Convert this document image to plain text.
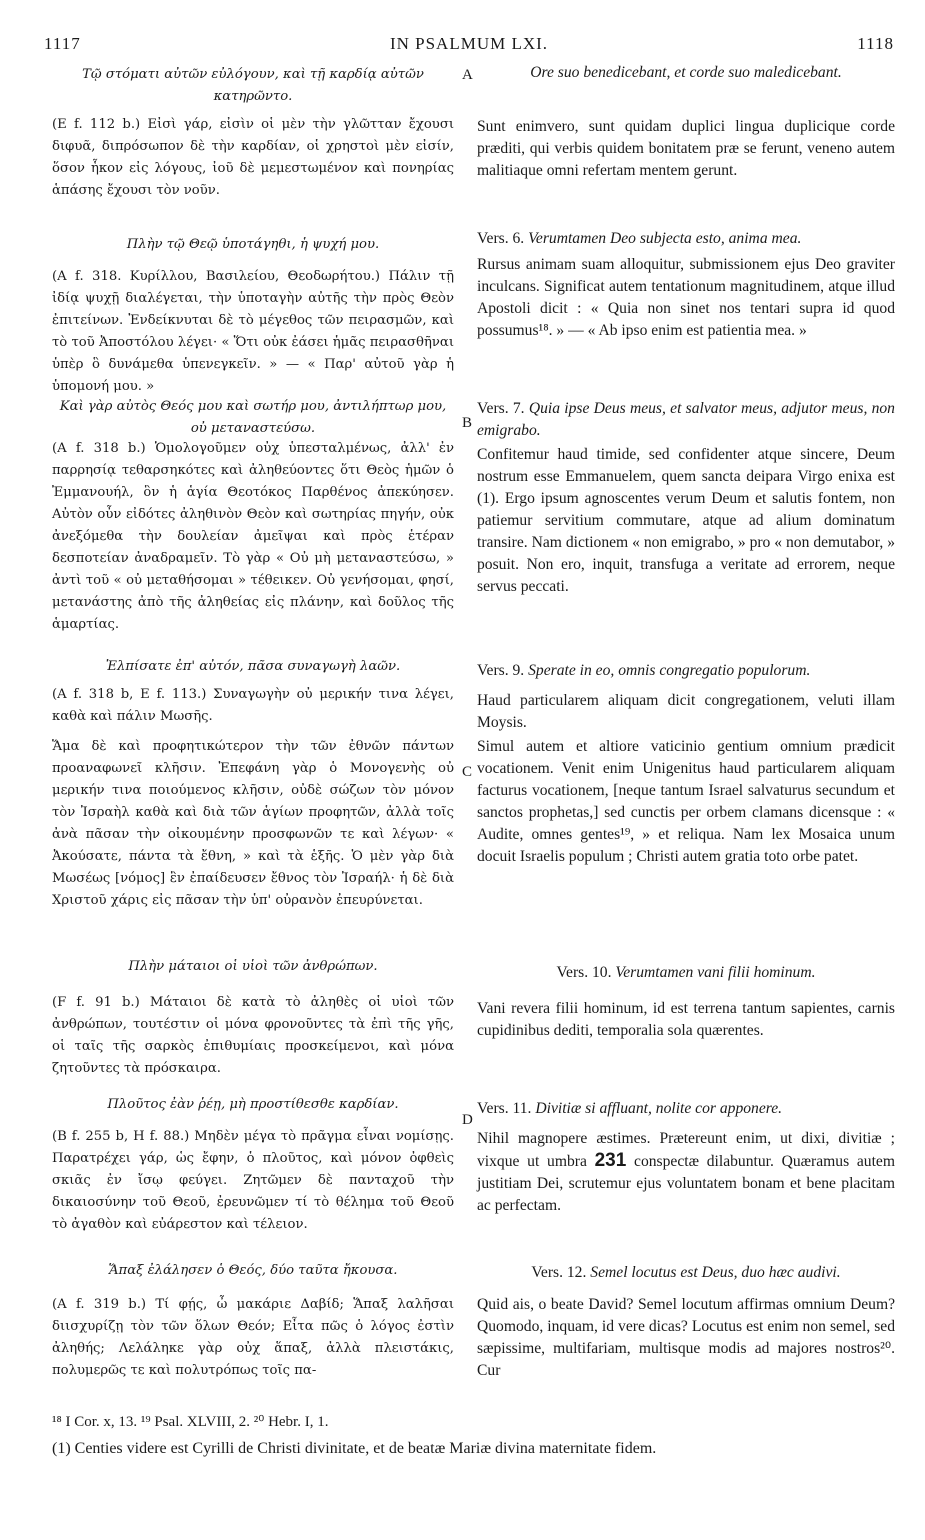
1117	IN PSALMUM LXI.	1118

Τῷ στόματι αὐτῶν εὐλόγουν, καὶ τῇ καρδίᾳ αὐτῶν κατηρῶντο.

(E f. 112 b.) Εἰσὶ γάρ, εἰσὶν οἱ μὲν τὴν γλῶτταν ἔχουσι διφυᾶ, διπρόσωπον δὲ τὴν καρδίαν, οἱ χρηστοὶ μὲν εἰσίν, ὅσον ἧκον εἰς λόγους, ἰοῦ δὲ μεμεστωμένον καὶ πονηρίας ἁπάσης ἔχουσι τὸν νοῦν.

Πλὴν τῷ Θεῷ ὑποτάγηθι, ἡ ψυχή μου.

(A f. 318. Κυρίλλου, Βασιλείου, Θεοδωρήτου.) Πάλιν τῇ ἰδίᾳ ψυχῇ διαλέγεται, τὴν ὑποταγὴν αὐτῆς τὴν πρὸς Θεὸν ἐπιτείνων. Ἐνδείκνυται δὲ τὸ μέγεθος τῶν πειρασμῶν, καὶ τὸ τοῦ Ἀποστόλου λέγει· « Ὅτι οὐκ ἐάσει ἡμᾶς πειρασθῆναι ὑπὲρ ὃ δυνάμεθα ὑπενεγκεῖν. » — « Παρ' αὐτοῦ γὰρ ἡ ὑπομονή μου. »

Καὶ γὰρ αὐτὸς Θεός μου καὶ σωτήρ μου, ἀντιλήπτωρ μου, οὐ μεταναστεύσω.

(A f. 318 b.) Ὁμολογοῦμεν οὐχ ὑπεσταλμένως, ἀλλ' ἐν παρρησίᾳ τεθαρσηκότες καὶ ἀληθεύοντες ὅτι Θεὸς ἡμῶν ὁ Ἐμμανουήλ, ὃν ἡ ἁγία Θεοτόκος Παρθένος ἀπεκύησεν. Αὐτὸν οὖν εἰδότες ἀληθινὸν Θεὸν καὶ σωτηρίας πηγήν, οὐκ ἀνεξόμεθα τὴν δουλείαν ἀμεῖψαι καὶ πρὸς ἑτέραν δεσποτείαν ἀναδραμεῖν. Τὸ γὰρ « Οὐ μὴ μεταναστεύσω, » ἀντὶ τοῦ « οὐ μεταθήσομαι » τέθεικεν. Οὐ γενήσομαι, φησί, μετανάστης ἀπὸ τῆς ἀληθείας εἰς πλάνην, καὶ δοῦλος τῆς ἁμαρτίας.

Ἐλπίσατε ἐπ' αὐτόν, πᾶσα συναγωγὴ λαῶν.

(A f. 318 b, E f. 113.) Συναγωγὴν οὐ μερικήν τινα λέγει, καθὰ καὶ πάλιν Μωσῆς.

Ἅμα δὲ καὶ προφητικώτερον τὴν τῶν ἐθνῶν πάντων προαναφωνεῖ κλῆσιν. Ἐπεφάνη γὰρ ὁ Μονογενὴς οὐ μερικήν τινα ποιούμενος κλῆσιν, οὐδὲ σώζων τὸν μόνον τὸν Ἰσραὴλ καθὰ καὶ διὰ τῶν ἁγίων προφητῶν, ἀλλὰ τοῖς ἀνὰ πᾶσαν τὴν οἰκουμένην προσφωνῶν τε καὶ λέγων· « Ἀκούσατε, πάντα τὰ ἔθνη, » καὶ τὰ ἑξῆς. Ὁ μὲν γὰρ διὰ Μωσέως [νόμος] ἓν ἐπαίδευσεν ἔθνος τὸν Ἰσραήλ· ἡ δὲ διὰ Χριστοῦ χάρις εἰς πᾶσαν τὴν ὑπ' οὐρανὸν ἐπευρύνεται.

Πλὴν μάταιοι οἱ υἱοὶ τῶν ἀνθρώπων.

(F f. 91 b.) Μάταιοι δὲ κατὰ τὸ ἀληθὲς οἱ υἱοὶ τῶν ἀνθρώπων, τουτέστιν οἱ μόνα φρονοῦντες τὰ ἐπὶ τῆς γῆς, οἱ ταῖς τῆς σαρκὸς ἐπιθυμίαις προσκείμενοι, καὶ μόνα ζητοῦντες τὰ πρόσκαιρα.

Πλοῦτος ἐὰν ῥέῃ, μὴ προστίθεσθε καρδίαν.

(B f. 255 b, H f. 88.) Μηδὲν μέγα τὸ πρᾶγμα εἶναι νομίσῃς. Παρατρέχει γάρ, ὡς ἔφην, ὁ πλοῦτος, καὶ μόνον ὀφθεὶς σκιᾶς ἐν ἴσῳ φεύγει. Ζητῶμεν δὲ πανταχοῦ τὴν δικαιοσύνην τοῦ Θεοῦ, ἐρευνῶμεν τί τὸ θέλημα τοῦ Θεοῦ τὸ ἀγαθὸν καὶ εὐάρεστον καὶ τέλειον.

Ἅπαξ ἐλάλησεν ὁ Θεός, δύο ταῦτα ἤκουσα.

(A f. 319 b.) Τί φῄς, ὦ μακάριε Δαβίδ; Ἅπαξ λαλῆσαι διισχυρίζῃ τὸν τῶν ὅλων Θεόν; Εἶτα πῶς ὁ λόγος ἐστὶν ἀληθής; Λελάληκε γὰρ οὐχ ἅπαξ, ἀλλὰ πλειστάκις, πολυμερῶς τε καὶ πολυτρόπως τοῖς πα-

A
B
C
D

Ore suo benedicebant, et corde suo maledicebant.

Sunt enimvero, sunt quidam duplici lingua duplicique corde præditi, qui verbis quidem bonitatem præ se ferunt, veneno autem malitiaque omni refertam mentem gerunt.

Vers. 6. Verumtamen Deo subjecta esto, anima mea.

Rursus animam suam alloquitur, submissionem ejus Deo graviter inculcans. Significat autem tentationum magnitudinem, atque illud Apostoli dicit : « Quia non sinet nos tentari supra id quod possumus¹⁸. » — « Ab ipso enim est patientia mea. »

Vers. 7. Quia ipse Deus meus, et salvator meus, adjutor meus, non emigrabo.

Confitemur haud timide, sed confidenter atque sincere, Deum nostrum esse Emmanuelem, quem sancta deipara Virgo enixa est (1). Ergo ipsum agnoscentes verum Deum et salutis fontem, non patiemur servitium commutare, atque ad alium dominatum transire. Nam dictionem « non emigrabo, » pro « non demutabor, » posuit. Non ero, inquit, transfuga a veritate ad errorem, neque servus peccati.

Vers. 9. Sperate in eo, omnis congregatio populorum.

Haud particularem aliquam dicit congregationem, veluti illam Moysis.

Simul autem et altiore vaticinio gentium omnium prædicit vocationem. Venit enim Unigenitus haud particularem aliquam facturus vocationem, [neque tantum Israel salvaturus secundum et sanctos prophetas,] sed cunctis per orbem clamans dicensque : « Audite, omnes gentes¹⁹, » et reliqua. Nam lex Mosaica unum docuit Israelis populum ; Christi autem gratia toto orbe patet.

Vers. 10. Verumtamen vani filii hominum.

Vani revera filii hominum, id est terrena tantum sapientes, carnis cupidinibus dediti, temporalia sola quærentes.

Vers. 11. Divitiæ si affluant, nolite cor apponere.

Nihil magnopere æstimes. Prætereunt enim, ut dixi, divitiæ ; vixque ut umbra 231 conspectæ dilabuntur. Quæramus autem justitiam Dei, scrutemur ejus voluntatem bonam et bene placitam ac perfectam.

Vers. 12. Semel locutus est Deus, duo hæc audivi.

Quid ais, o beate David? Semel locutum affirmas omnium Deum? Quomodo, inquam, id vere dicas? Locutus est enim non semel, sed sæpissime, multifariam, multisque modis ad majores nostros²⁰. Cur

¹⁸ I Cor. x, 13. ¹⁹ Psal. XLVIII, 2. ²⁰ Hebr. I, 1.
(1) Centies videre est Cyrilli de Christi divinitate, et de beatæ Mariæ divina maternitate fidem.
